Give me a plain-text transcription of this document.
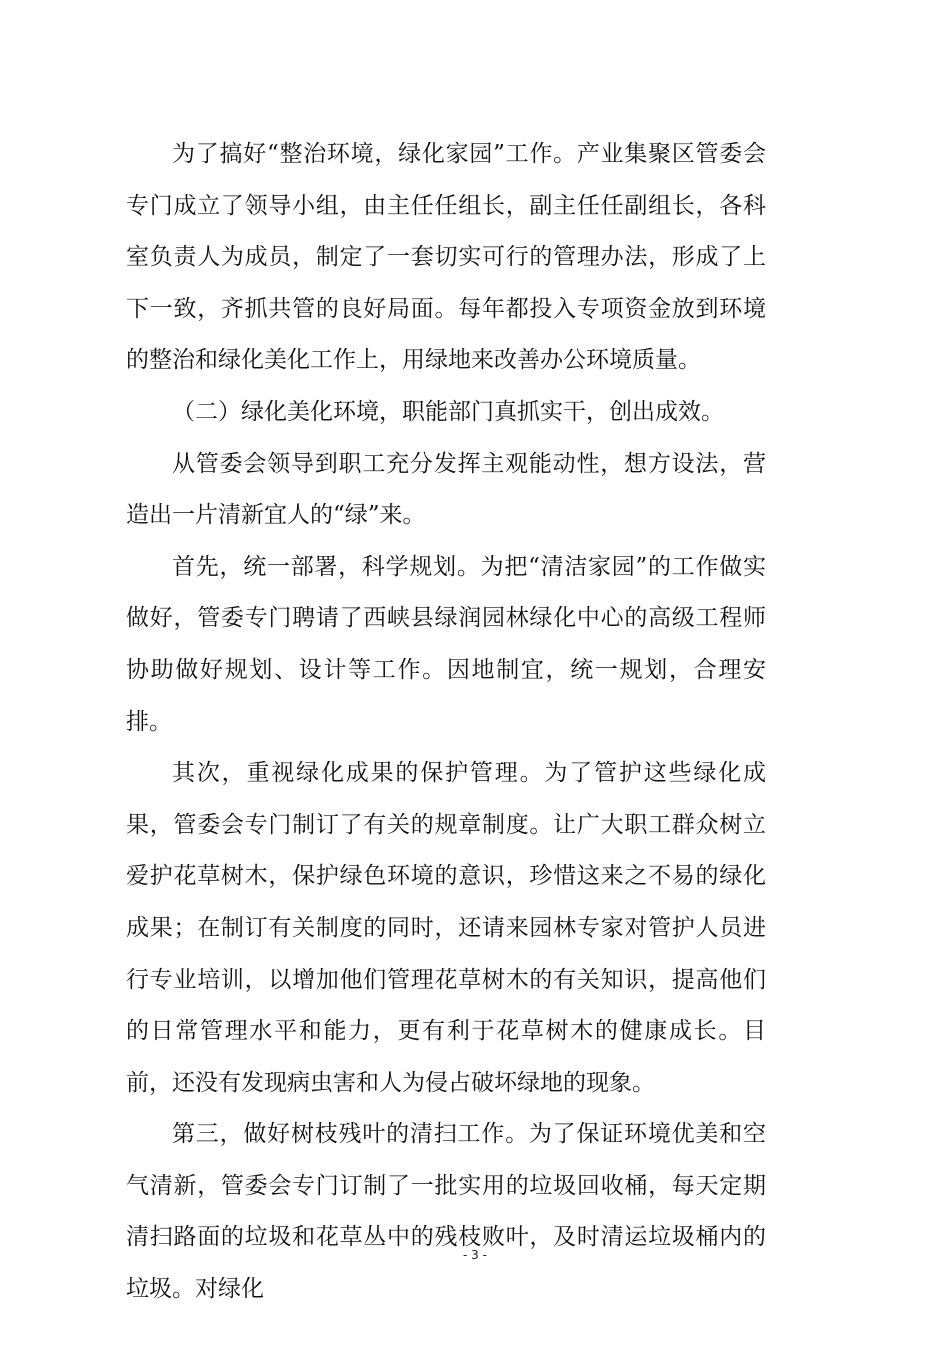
为了搞好“整治环境，绿化家园”工作。产业集聚区管委会专门成立了领导小组，由主任任组长，副主任任副组长，各科室负责人为成员，制定了一套切实可行的管理办法，形成了上下一致，齐抓共管的良好局面。每年都投入专项资金放到环境的整治和绿化美化工作上，用绿地来改善办公环境质量。

（二）绿化美化环境，职能部门真抓实干，创出成效。

从管委会领导到职工充分发挥主观能动性，想方设法，营造出一片清新宜人的“绿”来。

首先，统一部署，科学规划。为把“清洁家园”的工作做实做好，管委专门聘请了西峡县绿润园林绿化中心的高级工程师协助做好规划、设计等工作。因地制宜，统一规划，合理安排。

其次，重视绿化成果的保护管理。为了管护这些绿化成果，管委会专门制订了有关的规章制度。让广大职工群众树立爱护花草树木，保护绿色环境的意识，珍惜这来之不易的绿化成果；在制订有关制度的同时，还请来园林专家对管护人员进行专业培训，以增加他们管理花草树木的有关知识，提高他们的日常管理水平和能力，更有利于花草树木的健康成长。目前，还没有发现病虫害和人为侵占破坏绿地的现象。

第三，做好树枝残叶的清扫工作。为了保证环境优美和空气清新，管委会专门订制了一批实用的垃圾回收桶，每天定期清扫路面的垃圾和花草丛中的残枝败叶，及时清运垃圾桶内的垃圾。对绿化

- 3 -
